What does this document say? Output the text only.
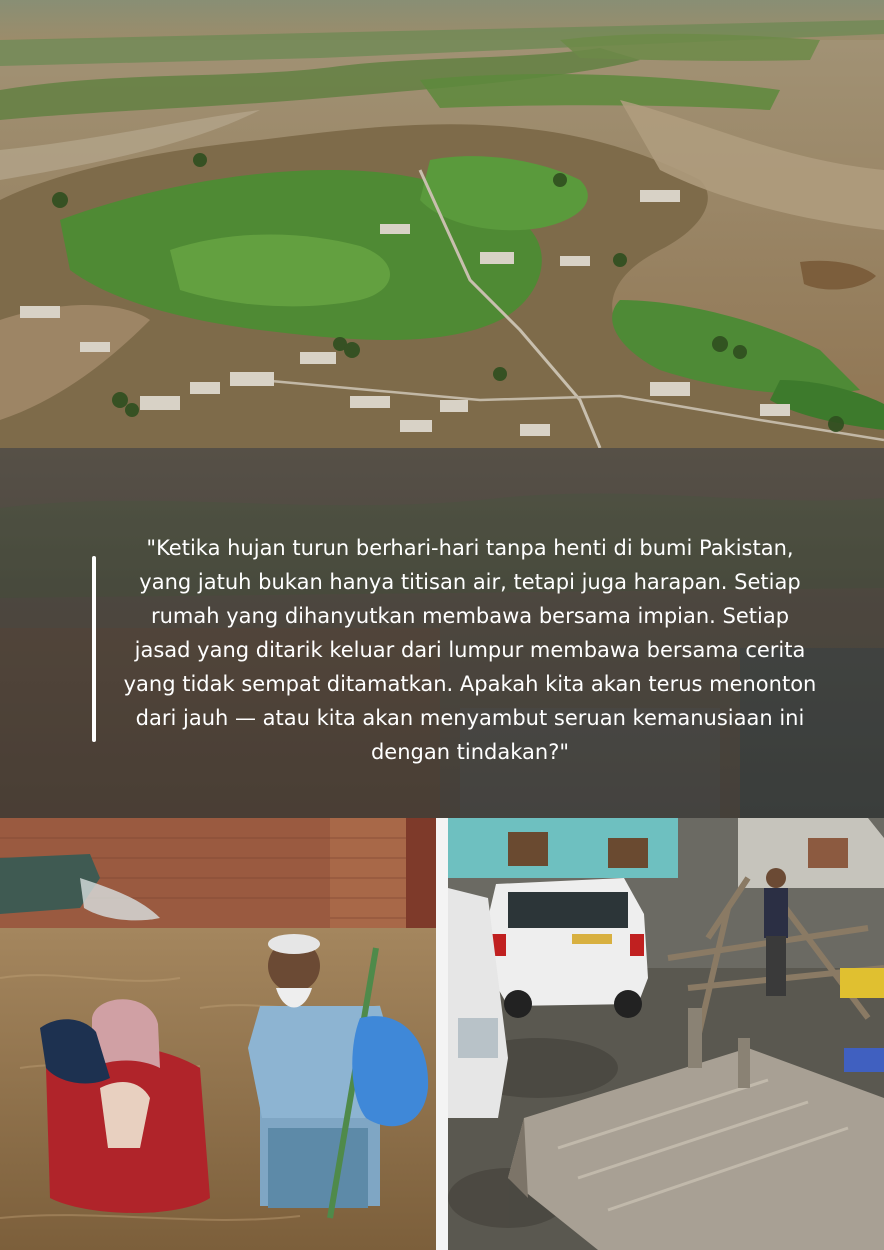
"Ketika hujan turun berhari-hari tanpa henti di bumi Pakistan, yang jatuh bukan hanya titisan air, tetapi juga harapan. Setiap rumah yang dihanyutkan membawa bersama impian. Setiap jasad yang ditarik keluar dari lumpur membawa bersama cerita yang tidak sempat ditamatkan. Apakah kita akan terus menonton dari jauh — atau kita akan menyambut seruan kemanusiaan ini dengan tindakan?"
